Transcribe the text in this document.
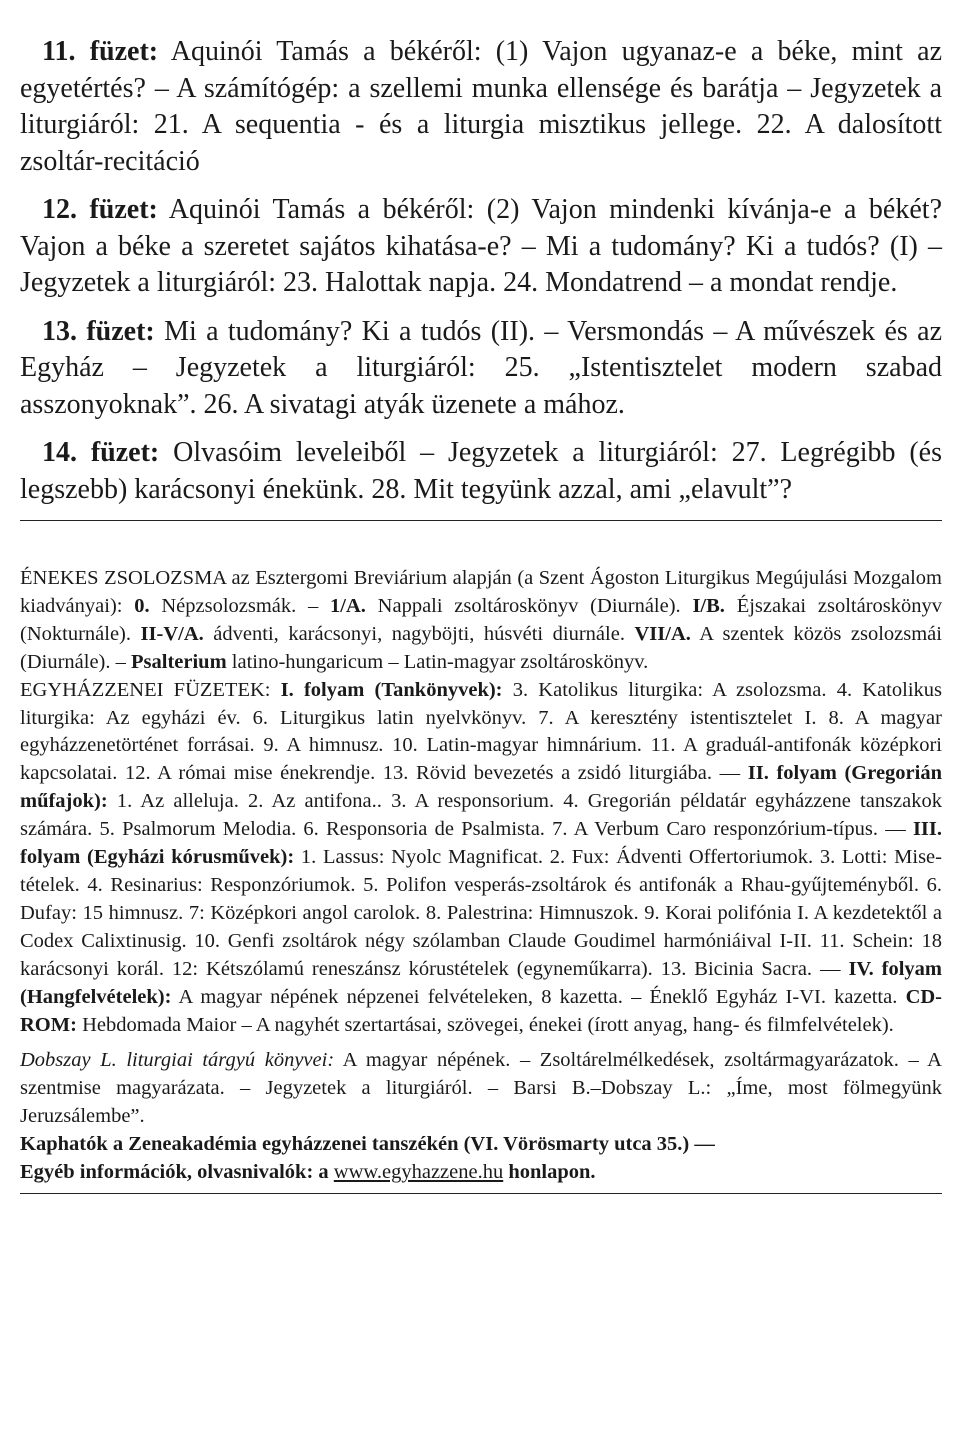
11. füzet: Aquinói Tamás a békéről: (1) Vajon ugyanaz-e a béke, mint az egyetértés? – A számítógép: a szellemi munka ellensége és barátja – Jegyzetek a liturgiáról: 21. A sequentia - és a liturgia misztikus jellege. 22. A dalosított zsoltár-recitáció

12. füzet: Aquinói Tamás a békéről: (2) Vajon mindenki kívánja-e a békét? Vajon a béke a szeretet sajátos kihatása-e? – Mi a tudomány? Ki a tudós? (I) – Jegyzetek a liturgiáról: 23. Halottak napja. 24. Mondatrend – a mondat rendje.

13. füzet: Mi a tudomány? Ki a tudós (II). – Versmondás – A művészek és az Egyház – Jegyzetek a liturgiáról: 25. „Istentisztelet modern szabad asszonyoknak”. 26. A sivatagi atyák üzenete a mához.

14. füzet: Olvasóim leveleiből – Jegyzetek a liturgiáról: 27. Legrégibb (és legszebb) karácsonyi énekünk. 28. Mit tegyünk azzal, ami „elavult”?

ÉNEKES ZSOLOZSMA az Esztergomi Breviárium alapján (a Szent Ágoston Liturgikus Megújulási Mozgalom kiadványai): 0. Népzsolozsmák. – 1/A. Nappali zsoltároskönyv (Diurnále). I/B. Éjszakai zsoltároskönyv (Nokturnále). II-V/A. ádventi, karácsonyi, nagyböjti, húsvéti diurnále. VII/A. A szentek közös zsolozsmái (Diurnále). – Psalterium latino-hungaricum – Latin-magyar zsoltároskönyv.

EGYHÁZZENEI FÜZETEK: I. folyam (Tankönyvek): 3. Katolikus liturgika: A zsolozsma. 4. Katolikus liturgika: Az egyházi év. 6. Liturgikus latin nyelvkönyv. 7. A keresztény istentisztelet I. 8. A magyar egyházzenetörténet forrásai. 9. A himnusz. 10. Latin-magyar himnárium. 11. A graduál-antifonák középkori kapcsolatai. 12. A római mise énekrendje. 13. Rövid bevezetés a zsidó liturgiába. — II. folyam (Gregorián műfajok): 1. Az alleluja. 2. Az antifona.. 3. A responsorium. 4. Gregorián példatár egyházzene tanszakok számára. 5. Psalmorum Melodia. 6. Responsoria de Psalmista. 7. A Verbum Caro responzórium-típus. — III. folyam (Egyházi kórusművek): 1. Lassus: Nyolc Magnificat. 2. Fux: Ádventi Offertoriumok. 3. Lotti: Mise-tételek. 4. Resinarius: Responzóriumok. 5. Polifon vesperás-zsoltárok és antifonák a Rhau-gyűjteményből. 6. Dufay: 15 himnusz. 7: Középkori angol carolok. 8. Palestrina: Himnuszok. 9. Korai polifónia I. A kezdetektől a Codex Calixtinusig. 10. Genfi zsoltárok négy szólamban Claude Goudimel harmóniáival I-II. 11. Schein: 18 karácsonyi korál. 12: Kétszólamú reneszánsz kórustételek (egyneműkarra). 13. Bicinia Sacra. — IV. folyam (Hangfelvételek): A magyar népének népzenei felvételeken, 8 kazetta. – Éneklő Egyház I-VI. kazetta. CD-ROM: Hebdomada Maior – A nagyhét szertartásai, szövegei, énekei (írott anyag, hang- és filmfelvételek).

Dobszay L. liturgiai tárgyú könyvei: A magyar népének. – Zsoltárelmélkedések, zsoltármagyarázatok. – A szentmise magyarázata. – Jegyzetek a liturgiáról. – Barsi B.–Dobszay L.: „Íme, most fölmegyünk Jeruzsálembe”.

Kaphatók a Zeneakadémia egyházzenei tanszékén (VI. Vörösmarty utca 35.) —

Egyéb információk, olvasnivalók: a www.egyhazzene.hu honlapon.
